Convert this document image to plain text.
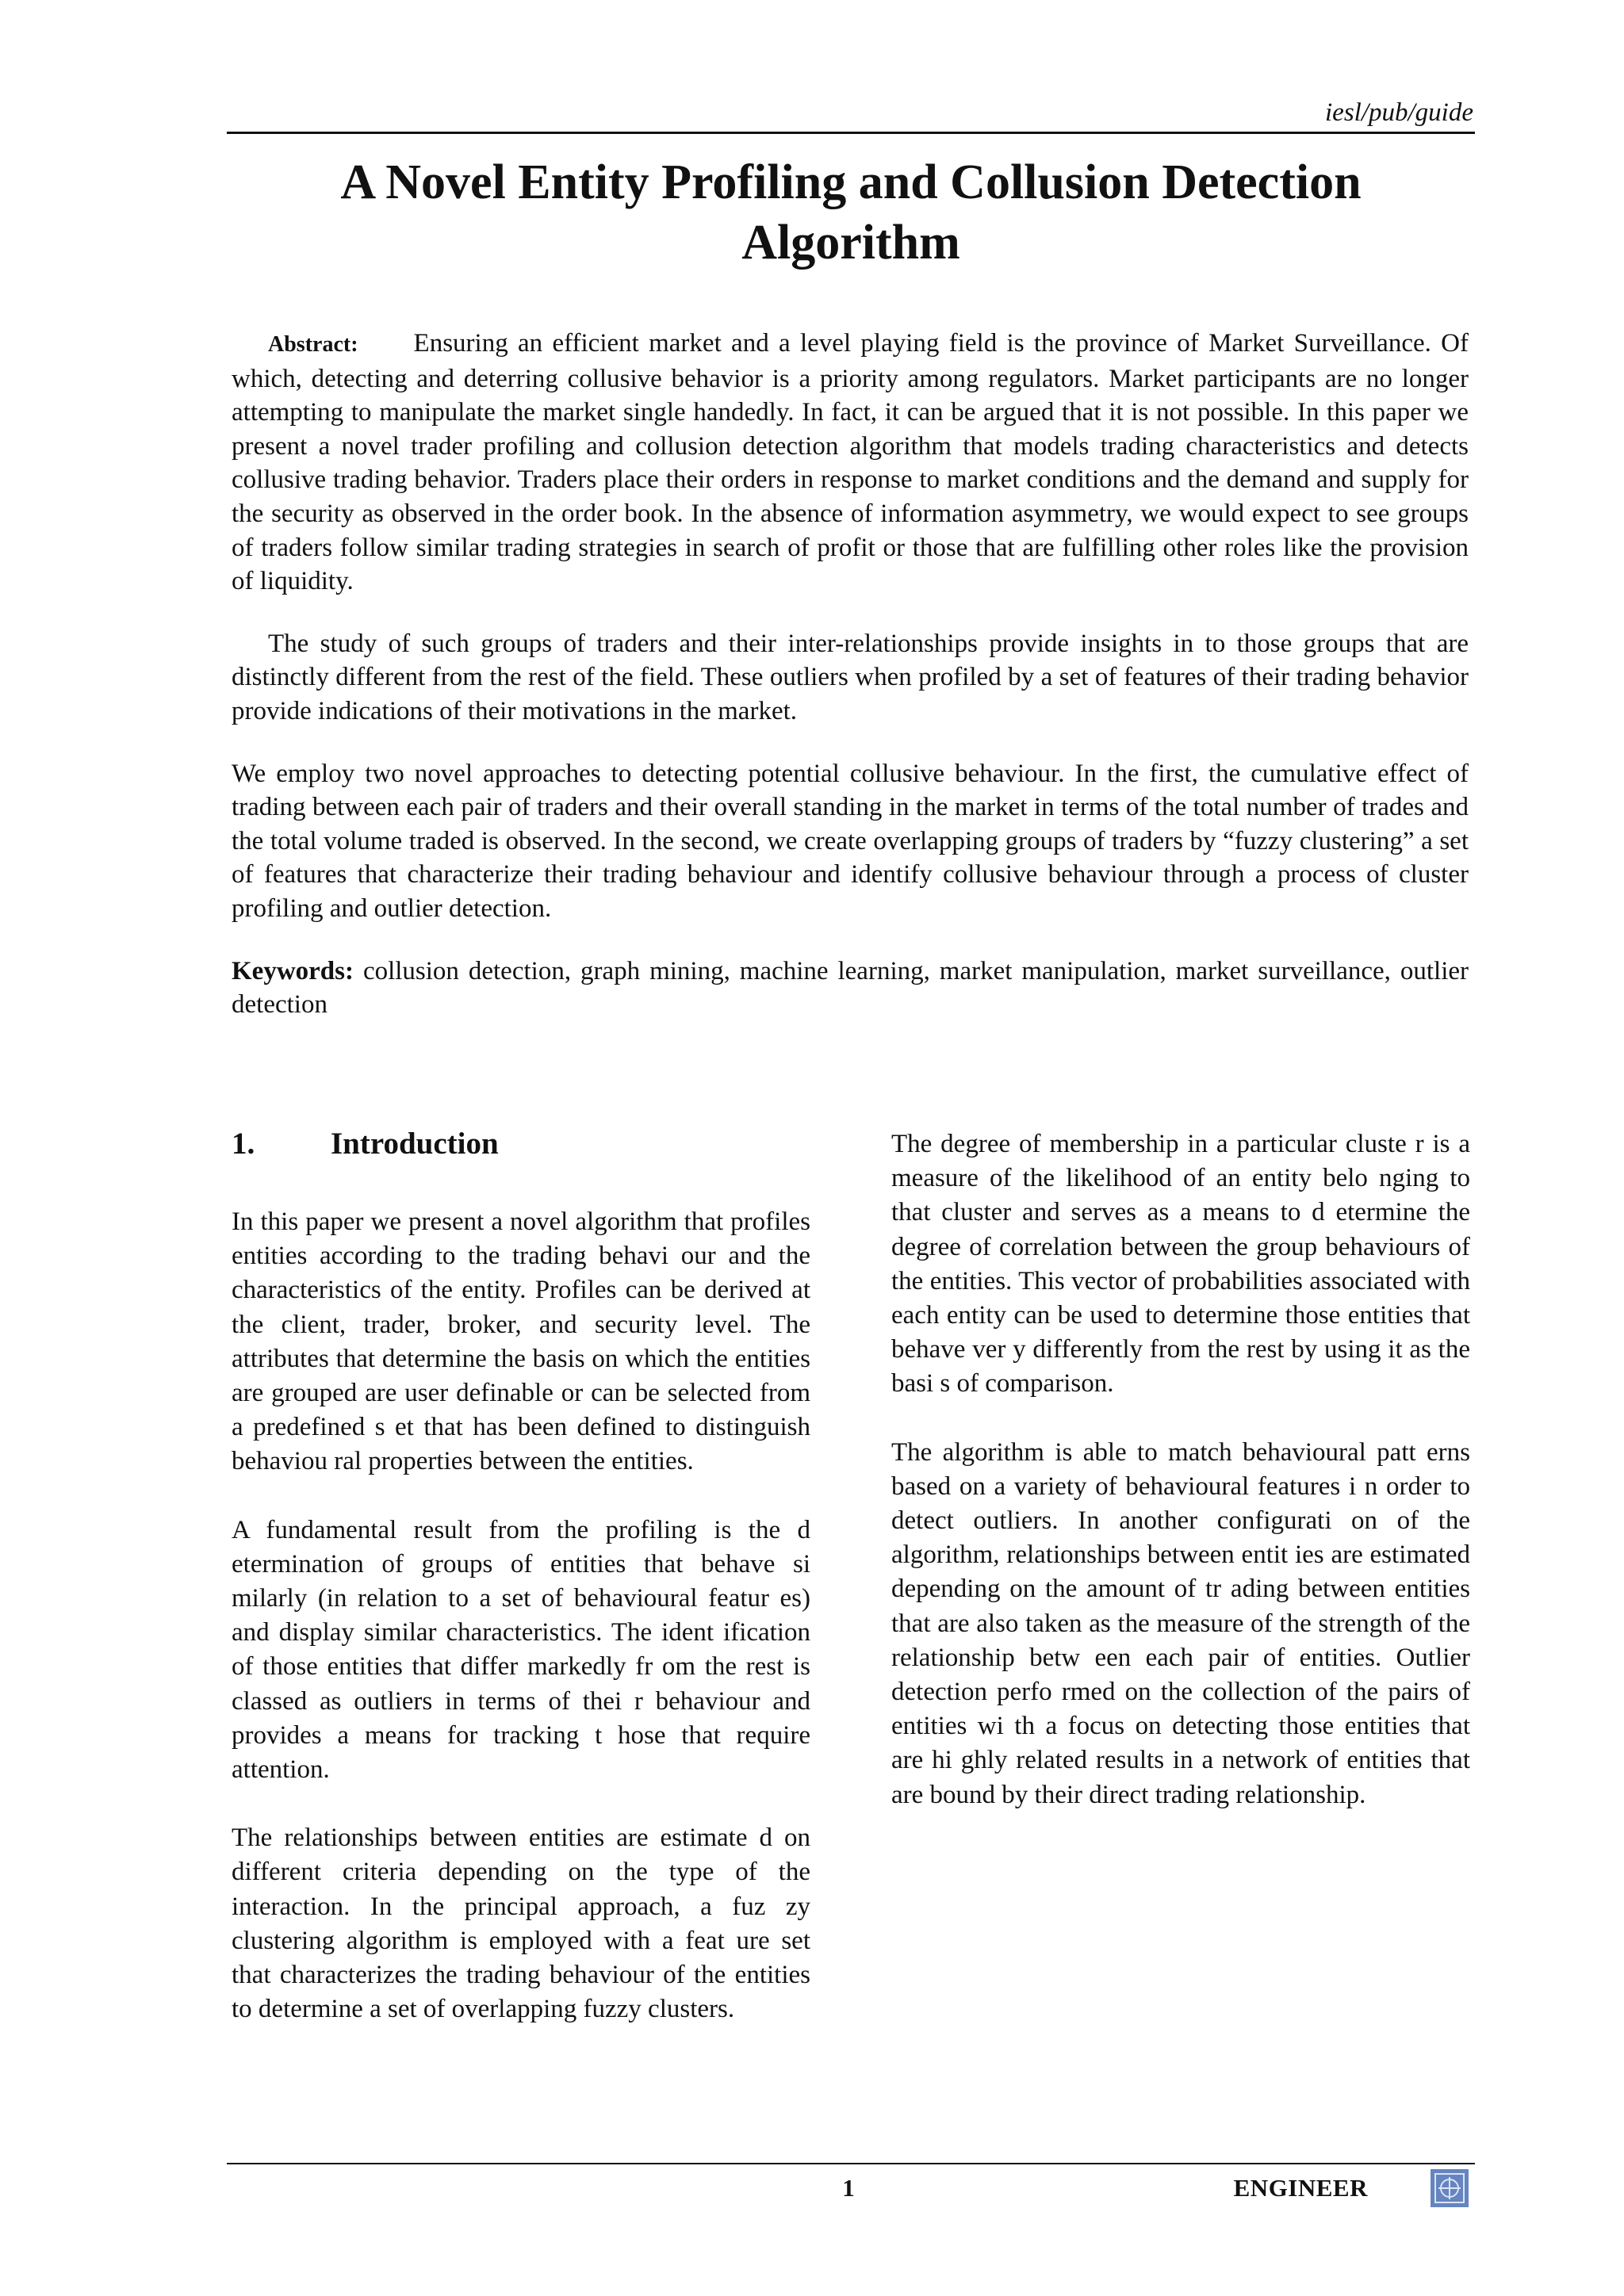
iesl/pub/guide
A Novel Entity Profiling and Collusion Detection
Algorithm

Abstract: Ensuring an efficient market and a level playing field is the province of Market Surveillance. Of which, detecting and deterring collusive behavior is a priority among regulators. Market participants are no longer attempting to manipulate the market single handedly. In fact, it can be argued that it is not possible. In this paper we present a novel trader profiling and collusion detection algorithm that models trading characteristics and detects collusive trading behavior. Traders place their orders in response to market conditions and the demand and supply for the security as observed in the order book. In the absence of information asymmetry, we would expect to see groups of traders follow similar trading strategies in search of profit or those that are fulfilling other roles like the provision of liquidity.

The study of such groups of traders and their inter-relationships provide insights in to those groups that are distinctly different from the rest of the field. These outliers when profiled by a set of features of their trading behavior provide indications of their motivations in the market.

We employ two novel approaches to detecting potential collusive behaviour. In the first, the cumulative effect of trading between each pair of traders and their overall standing in the market in terms of the total number of trades and the total volume traded is observed. In the second, we create overlapping groups of traders by “fuzzy clustering” a set of features that characterize their trading behaviour and identify collusive behaviour through a process of cluster profiling and outlier detection.

Keywords: collusion detection, graph mining, machine learning, market manipulation, market surveillance, outlier detection

1. Introduction

In this paper we present a novel algorithm that profiles entities according to the trading behavi our and the characteristics of the entity. Profiles can be derived at the client, trader, broker, and security level. The attributes that determine the basis on which the entities are grouped are user definable or can be selected from a predefined s et that has been defined to distinguish behaviou ral properties between the entities.

A fundamental result from the profiling is the d etermination of groups of entities that behave si milarly (in relation to a set of behavioural featur es) and display similar characteristics. The ident ification of those entities that differ markedly fr om the rest is classed as outliers in terms of thei r behaviour and provides a means for tracking t hose that require attention.

The relationships between entities are estimate d on different criteria depending on the type of the interaction. In the principal approach, a fuz zy clustering algorithm is employed with a feat ure set that characterizes the trading behaviour of the entities to determine a set of overlapping fuzzy clusters.

The degree of membership in a particular cluste r is a measure of the likelihood of an entity belo nging to that cluster and serves as a means to d etermine the degree of correlation between the group behaviours of the entities. This vector of probabilities associated with each entity can be used to determine those entities that behave ver y differently from the rest by using it as the basi s of comparison.

The algorithm is able to match behavioural patt erns based on a variety of behavioural features i n order to detect outliers. In another configurati on of the algorithm, relationships between entit ies are estimated depending on the amount of tr ading between entities that are also taken as the measure of the strength of the relationship betw een each pair of entities. Outlier detection perfo rmed on the collection of the pairs of entities wi th a focus on detecting those entities that are hi ghly related results in a network of entities that are bound by their direct trading relationship.

1	ENGINEER
